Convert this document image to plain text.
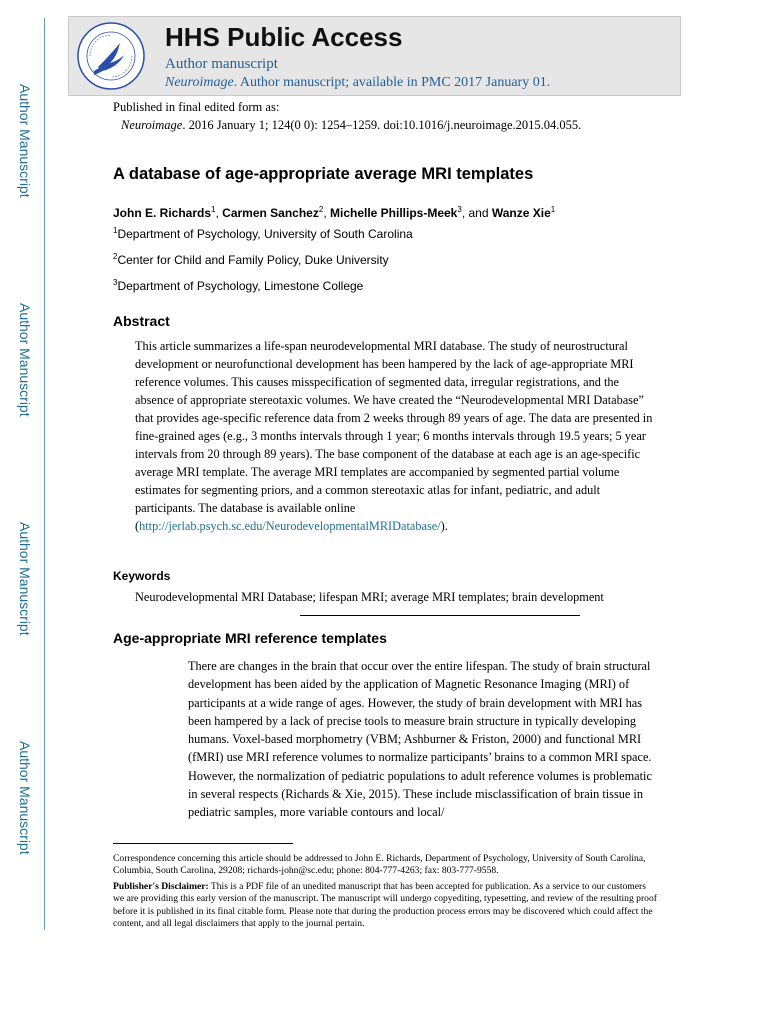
Author Manuscript
Author Manuscript
Author Manuscript
Author Manuscript
HHS Public Access
Author manuscript
Neuroimage. Author manuscript; available in PMC 2017 January 01.
Published in final edited form as:
Neuroimage. 2016 January 1; 124(0 0): 1254–1259. doi:10.1016/j.neuroimage.2015.04.055.
A database of age-appropriate average MRI templates
John E. Richards$^1$, Carmen Sanchez$^2$, Michelle Phillips-Meek$^3$, and Wanze Xie$^1$
$^1$Department of Psychology, University of South Carolina
$^2$Center for Child and Family Policy, Duke University
$^3$Department of Psychology, Limestone College
Abstract
This article summarizes a life-span neurodevelopmental MRI database. The study of neurostructural development or neurofunctional development has been hampered by the lack of age-appropriate MRI reference volumes. This causes misspecification of segmented data, irregular registrations, and the absence of appropriate stereotaxic volumes. We have created the “Neurodevelopmental MRI Database” that provides age-specific reference data from 2 weeks through 89 years of age. The data are presented in fine-grained ages (e.g., 3 months intervals through 1 year; 6 months intervals through 19.5 years; 5 year intervals from 20 through 89 years). The base component of the database at each age is an age-specific average MRI template. The average MRI templates are accompanied by segmented partial volume estimates for segmenting priors, and a common stereotaxic atlas for infant, pediatric, and adult participants. The database is available online (http://jerlab.psych.sc.edu/NeurodevelopmentalMRIDatabase/).
Keywords
Neurodevelopmental MRI Database; lifespan MRI; average MRI templates; brain development
Age-appropriate MRI reference templates
There are changes in the brain that occur over the entire lifespan. The study of brain structural development has been aided by the application of Magnetic Resonance Imaging (MRI) of participants at a wide range of ages. However, the study of brain development with MRI has been hampered by a lack of precise tools to measure brain structure in typically developing humans. Voxel-based morphometry (VBM; Ashburner & Friston, 2000) and functional MRI (fMRI) use MRI reference volumes to normalize participants’ brains to a common MRI space. However, the normalization of pediatric populations to adult reference volumes is problematic in several respects (Richards & Xie, 2015). These include misclassification of brain tissue in pediatric samples, more variable contours and local/
Correspondence concerning this article should be addressed to John E. Richards, Department of Psychology, University of South Carolina, Columbia, South Carolina, 29208; richards-john@sc.edu; phone: 804-777-4263; fax: 803-777-9558.
Publisher's Disclaimer: This is a PDF file of an unedited manuscript that has been accepted for publication. As a service to our customers we are providing this early version of the manuscript. The manuscript will undergo copyediting, typesetting, and review of the resulting proof before it is published in its final citable form. Please note that during the production process errors may be discovered which could affect the content, and all legal disclaimers that apply to the journal pertain.
